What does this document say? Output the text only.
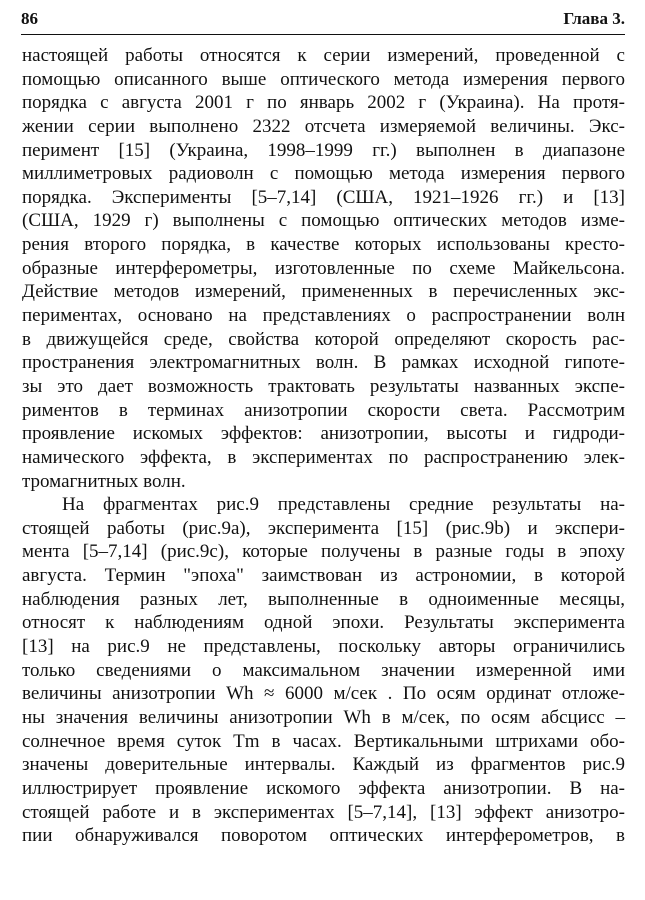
86	Глава 3.
настоящей работы относятся к серии измерений, проведенной с
помощью описанного выше оптического метода измерения первого
порядка с августа 2001 г по январь 2002 г (Украина). На протя-
жении серии выполнено 2322 отсчета измеряемой величины. Экс-
перимент [15] (Украина, 1998–1999 гг.) выполнен в диапазоне
миллиметровых радиоволн с помощью метода измерения первого
порядка. Эксперименты [5–7,14] (США, 1921–1926 гг.) и [13]
(США, 1929 г) выполнены с помощью оптических методов изме-
рения второго порядка, в качестве которых использованы кресто-
образные интерферометры, изготовленные по схеме Майкельсона.
Действие методов измерений, примененных в перечисленных экс-
периментах, основано на представлениях о распространении волн
в движущейся среде, свойства которой определяют скорость рас-
пространения электромагнитных волн. В рамках исходной гипоте-
зы это дает возможность трактовать результаты названных экспе-
риментов в терминах анизотропии скорости света. Рассмотрим
проявление искомых эффектов: анизотропии, высоты и гидроди-
намического эффекта, в экспериментах по распространению элек-
тромагнитных волн.
На фрагментах рис.9 представлены средние результаты на-
стоящей работы (рис.9а), эксперимента [15] (рис.9b) и экспери-
мента [5–7,14] (рис.9с), которые получены в разные годы в эпоху
августа. Термин "эпоха" заимствован из астрономии, в которой
наблюдения разных лет, выполненные в одноименные месяцы,
относят к наблюдениям одной эпохи. Результаты эксперимента
[13] на рис.9 не представлены, поскольку авторы ограничились
только сведениями о максимальном значении измеренной ими
величины анизотропии Wh ≈ 6000 м/сек . По осям ординат отложе-
ны значения величины анизотропии Wh в м/сек, по осям абсцисс –
солнечное время суток Tm в часах. Вертикальными штрихами обо-
значены доверительные интервалы. Каждый из фрагментов рис.9
иллюстрирует проявление искомого эффекта анизотропии. В на-
стоящей работе и в экспериментах [5–7,14], [13] эффект анизотро-
пии обнаруживался поворотом оптических интерферометров, в
